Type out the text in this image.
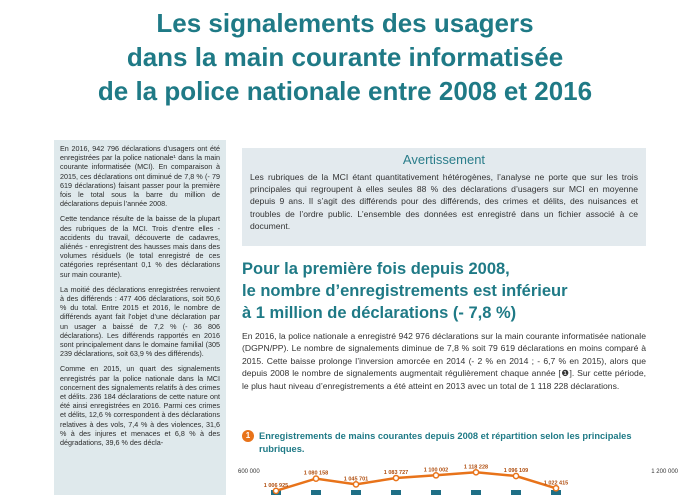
Les signalements des usagers
dans la main courante informatisée
de la police nationale entre 2008 et 2016

En 2016, 942 796 déclarations d’usagers ont été enregistrées par la police nationale¹ dans la main courante informatisée (MCI). En comparaison à 2015, ces déclarations ont diminué de 7,8 % (- 79 619 déclarations) faisant passer pour la première fois le total sous la barre du million de déclarations depuis l’année 2008.

Cette tendance résulte de la baisse de la plupart des rubriques de la MCI. Trois d’entre elles - accidents du travail, découverte de cadavres, aliénés - enregistrent des hausses mais dans des volumes résiduels (le total enregistré de ces catégories représentant 0,1 % des déclarations sur main courante).

La moitié des déclarations enregistrées renvoient à des différends : 477 406 déclarations, soit 50,6 % du total. Entre 2015 et 2016, le nombre de différends ayant fait l’objet d’une déclaration par un usager a baissé de 7,2 % (- 36 806 déclarations). Les différends rapportés en 2016 sont principalement dans le domaine familial (305 239 déclarations, soit 63,9 % des différends).

Comme en 2015, un quart des signalements enregistrés par la police nationale dans la MCI concernent des signalements relatifs à des crimes et délits. 236 184 déclarations de cette nature ont été ainsi enregistrées en 2016. Parmi ces crimes et délits, 12,6 % correspondent à des déclarations relatives à des vols, 7,4 % à des violences, 31,6 % à des injures et menaces et 6,8 % à des dégradations, 39,6 % des décla-

Avertissement
Les rubriques de la MCI étant quantitativement hétérogènes, l’analyse ne porte que sur les trois principales qui regroupent à elles seules 88 % des déclarations d’usagers sur MCI en moyenne depuis 9 ans. Il s’agit des différends pour des différends, des crimes et délits, des nuisances et troubles de l’ordre public. L’ensemble des données est enregistré dans un fichier associé à ce document.
Pour la première fois depuis 2008,
le nombre d’enregistrements est inférieur
à 1 million de déclarations (- 7,8 %)
En 2016, la police nationale a enregistré 942 976 déclarations sur la main courante informatisée nationale (DGPN/PP). Le nombre de signalements diminue de 7,8 % soit 79 619 déclarations en moins comparé à 2015. Cette baisse prolonge l’inversion amorcée en 2014 (- 2 % en 2014 ; - 6,7 % en 2015), alors que depuis 2008 le nombre de signalements augmentait régulièrement chaque année [❶]. Sur cette période, le plus haut niveau d’enregistrements a été atteint en 2013 avec un total de 1 118 228 déclarations.
1 Enregistrements de mains courantes depuis 2008 et répartition selon les principales rubriques.
600 000	1 200 000
1 006 925
1 080 158
1 045 701
1 083 727	1 100 002
1 118 228
1 096 109
1 022 415
